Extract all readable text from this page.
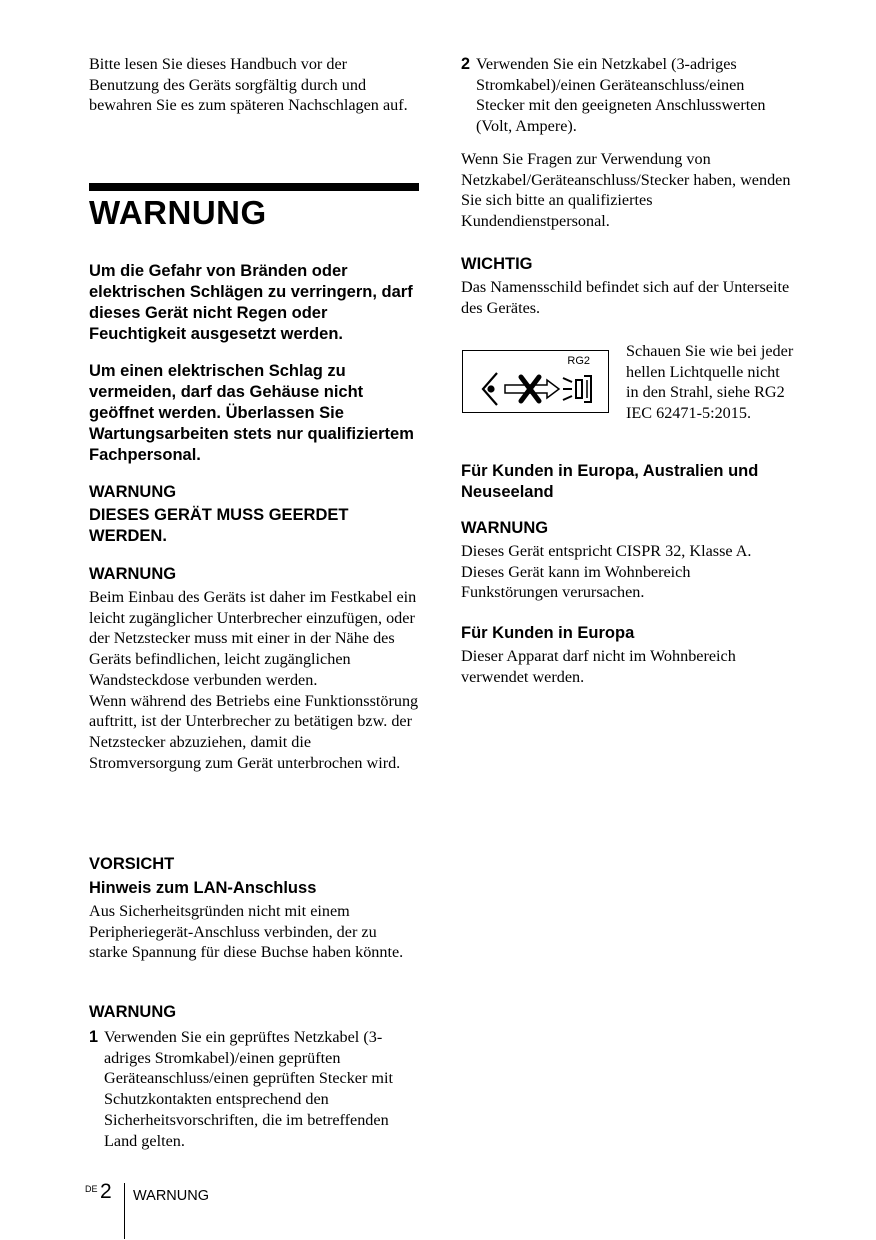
Bitte lesen Sie dieses Handbuch vor der Benutzung des Geräts sorgfältig durch und bewahren Sie es zum späteren Nachschlagen auf.

WARNUNG

Um die Gefahr von Bränden oder elektrischen Schlägen zu verringern, darf dieses Gerät nicht Regen oder Feuchtigkeit ausgesetzt werden.

Um einen elektrischen Schlag zu vermeiden, darf das Gehäuse nicht geöffnet werden. Überlassen Sie Wartungsarbeiten stets nur qualifiziertem Fachpersonal.

WARNUNG

DIESES GERÄT MUSS GEERDET WERDEN.

WARNUNG

Beim Einbau des Geräts ist daher im Festkabel ein leicht zugänglicher Unterbrecher einzufügen, oder der Netzstecker muss mit einer in der Nähe des Geräts befindlichen, leicht zugänglichen Wandsteckdose verbunden werden.

Wenn während des Betriebs eine Funktionsstörung auftritt, ist der Unterbrecher zu betätigen bzw. der Netzstecker abzuziehen, damit die Stromversorgung zum Gerät unterbrochen wird.

VORSICHT

Hinweis zum LAN-Anschluss

Aus Sicherheitsgründen nicht mit einem Peripheriegerät-Anschluss verbinden, der zu starke Spannung für diese Buchse haben könnte.

WARNUNG

1 Verwenden Sie ein geprüftes Netzkabel (3-adriges Stromkabel)/einen geprüften Geräteanschluss/einen geprüften Stecker mit Schutzkontakten entsprechend den Sicherheitsvorschriften, die im betreffenden Land gelten.
2 Verwenden Sie ein Netzkabel (3-adriges Stromkabel)/einen Geräteanschluss/einen Stecker mit den geeigneten Anschlusswerten (Volt, Ampere).

Wenn Sie Fragen zur Verwendung von Netzkabel/Geräteanschluss/Stecker haben, wenden Sie sich bitte an qualifiziertes Kundendienstpersonal.

WICHTIG

Das Namensschild befindet sich auf der Unterseite des Gerätes.

RG2

Schauen Sie wie bei jeder hellen Lichtquelle nicht in den Strahl, siehe RG2 IEC 62471-5:2015.

Für Kunden in Europa, Australien und Neuseeland

WARNUNG

Dieses Gerät entspricht CISPR 32, Klasse A. Dieses Gerät kann im Wohnbereich Funkstörungen verursachen.

Für Kunden in Europa

Dieser Apparat darf nicht im Wohnbereich verwendet werden.

DE 2 WARNUNG
